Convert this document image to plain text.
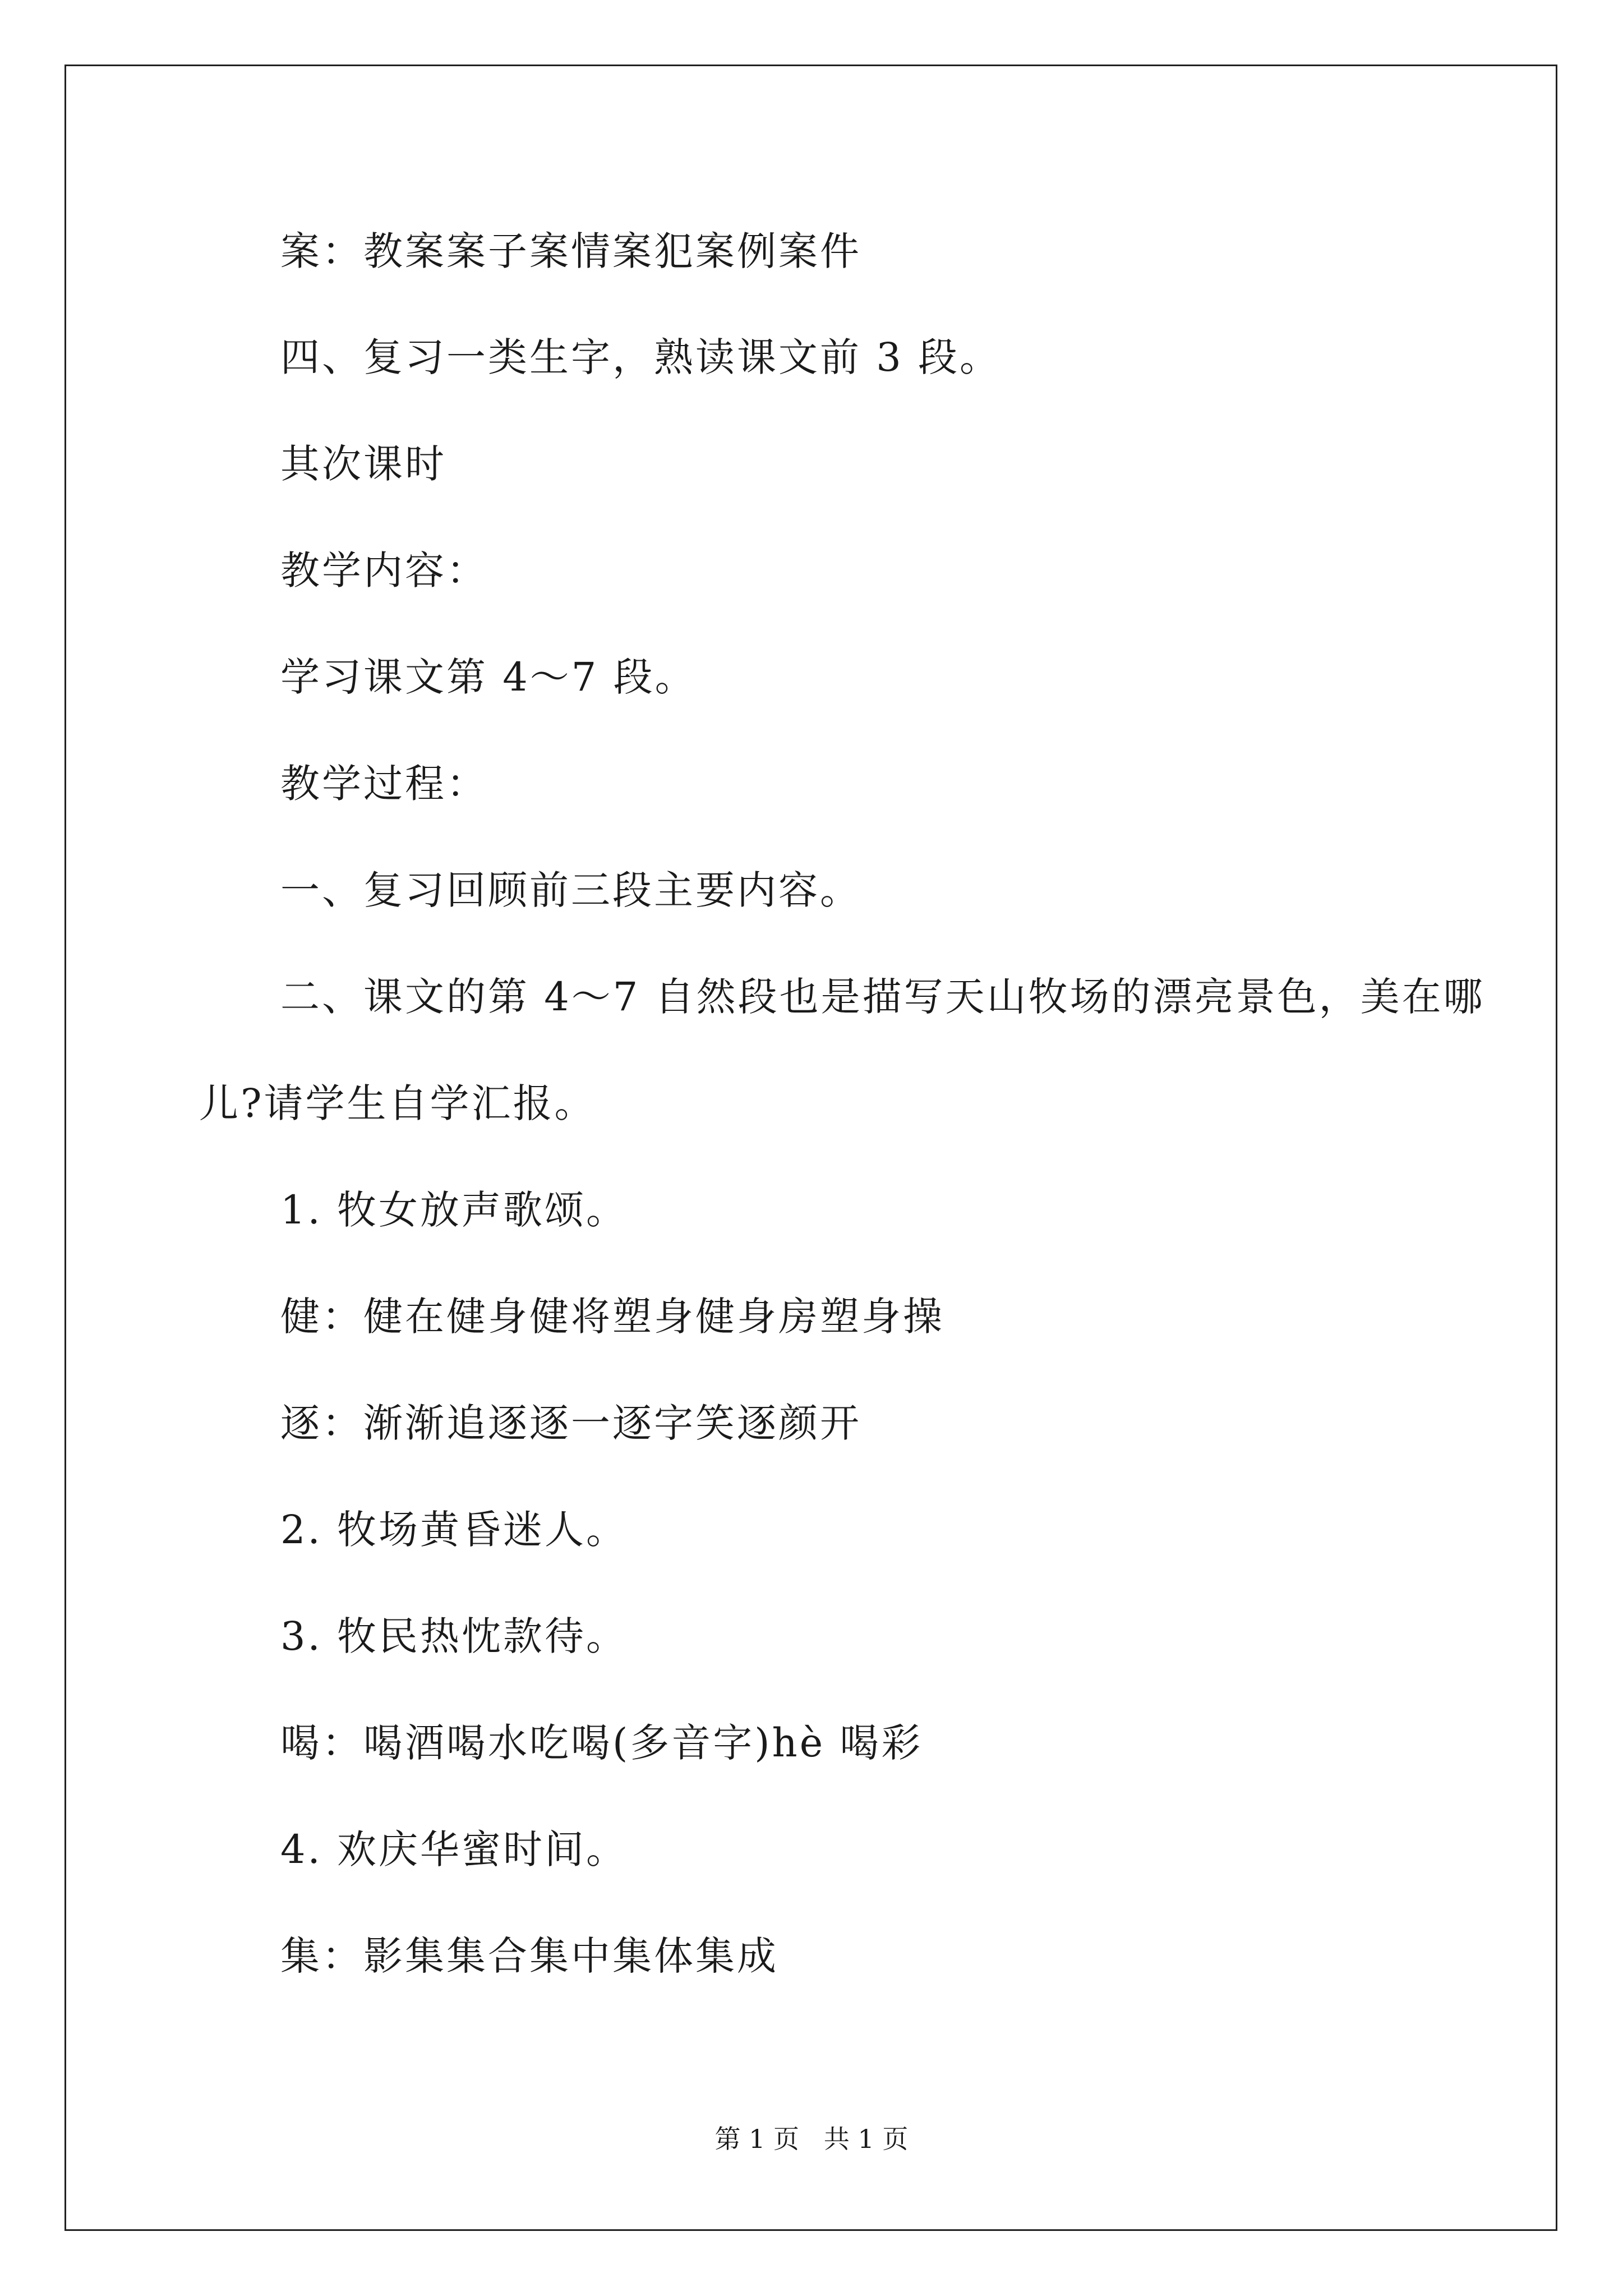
案：教案案子案情案犯案例案件
四、复习一类生字，熟读课文前 3 段。
其次课时
教学内容：
学习课文第 4～7 段。
教学过程：
一、复习回顾前三段主要内容。
二、课文的第 4～7 自然段也是描写天山牧场的漂亮景色，美在哪
儿?请学生自学汇报。
1. 牧女放声歌颂。
健：健在健身健将塑身健身房塑身操
逐：渐渐追逐逐一逐字笑逐颜开
2. 牧场黄昏迷人。
3. 牧民热忱款待。
喝：喝酒喝水吃喝(多音字)hè 喝彩
4. 欢庆华蜜时间。
集：影集集合集中集体集成
第 1 页   共 1 页
